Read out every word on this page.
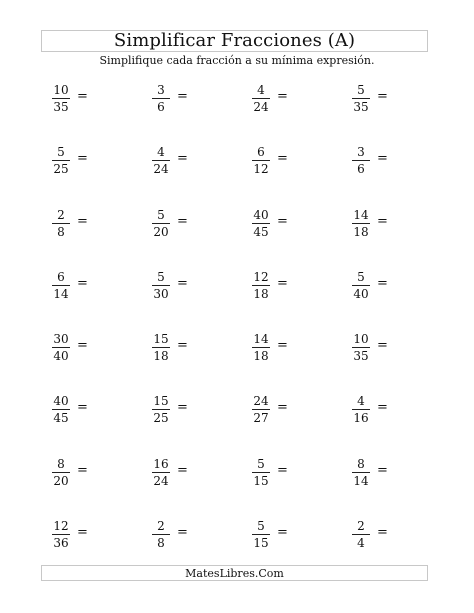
Simplificar Fracciones (A)
Simplifique cada fracción a su mínima expresión.
10
35
=	3
6
=	4
24
=	5
35
=
5
25
=	4
24
=	6
12
=	3
6
=
2
8
=	5
20
=	40
45
=	14
18
=
6
14
=	5
30
=	12
18
=	5
40
=
30
40
=	15
18
=	14
18
=	10
35
=
40
45
=	15
25
=	24
27
=	4
16
=
8
20
=	16
24
=	5
15
=	8
14
=
12
36
=	2
8
=	5
15
=	2
4
=
MatesLibres.Com
